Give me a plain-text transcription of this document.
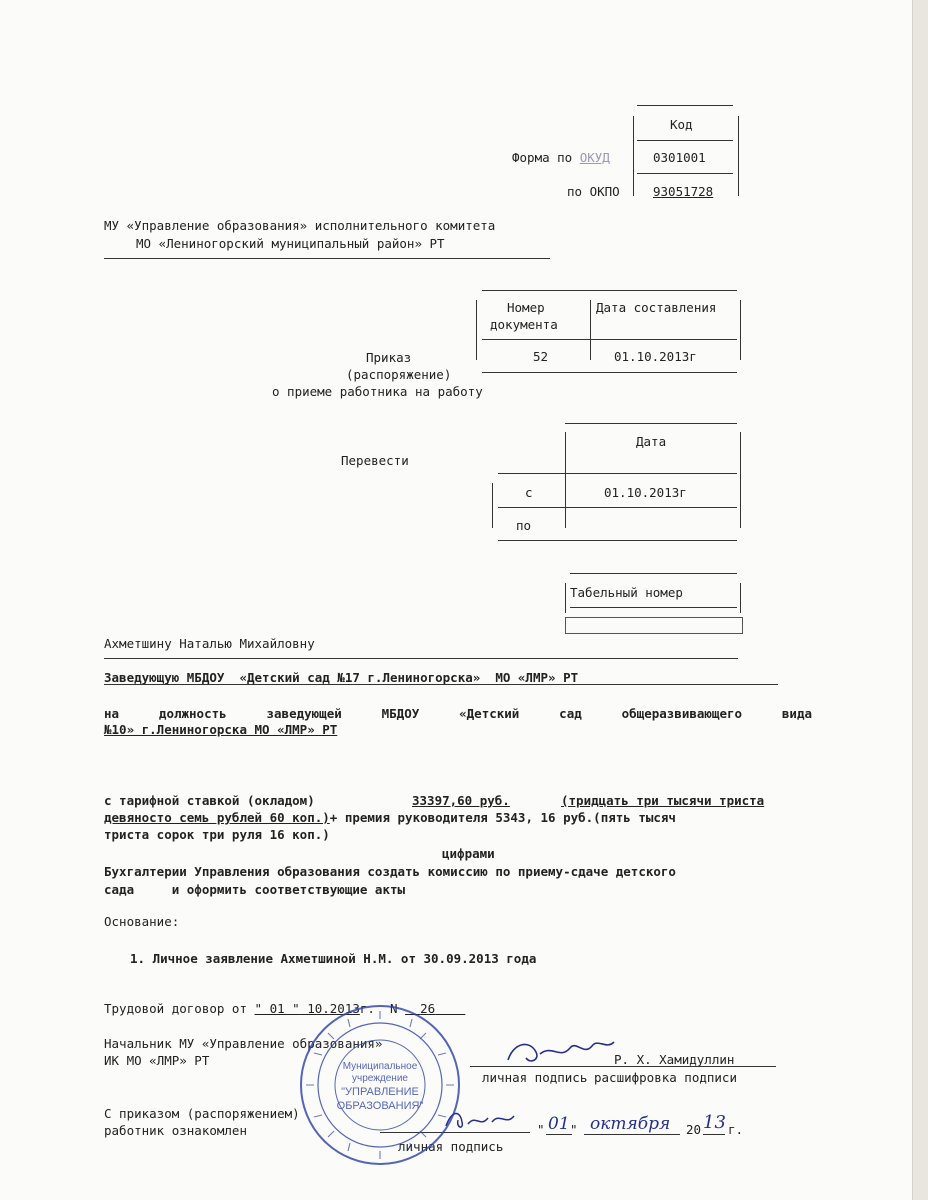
Код
Форма по ОКУД	0301001
по ОКПО	93051728
МУ «Управление образования» исполнительного комитета
МО «Лениногорский муниципальный район» РТ
Номер
документа
Дата составления
52	01.10.2013г
Приказ
(распоряжение)
о приеме работника на работу
Перевести
Дата
с	01.10.2013г
по
Табельный номер
Ахметшину Наталью Михайловну
Заведующую МБДОУ  «Детский сад №17 г.Лениногорска»  МО «ЛМР» РТ
на должность заведующей МБДОУ «Детский сад общеразвивающего вида
№10» г.Лениногорска МО «ЛМР» РТ
с тарифной ставкой (окладом)	33397,60 руб.	(тридцать три тысячи триста
девяносто семь рублей 60 коп.)+ премия руководителя 5343, 16 руб.(пять тысяч
триста сорок три руля 16 коп.)
цифрами
Бухгалтерии Управления образования создать комиссию по приему-сдаче детского
сада     и оформить соответствующие акты
Основание:
1. Личное заявление Ахметшиной Н.М. от 30.09.2013 года
Трудовой договор от " 01 " 10.2013г. N 26
Начальник МУ «Управление образования»
ИК МО «ЛМР» РТ	Р. Х. Хамидуллин
личная подпись расшифровка подписи
С приказом (распоряжением)
работник ознакомлен
личная подпись
" 01 " октября 20 13 г.
Муниципальное
учреждение
"УПРАВЛЕНИЕ
ОБРАЗОВАНИЯ"
